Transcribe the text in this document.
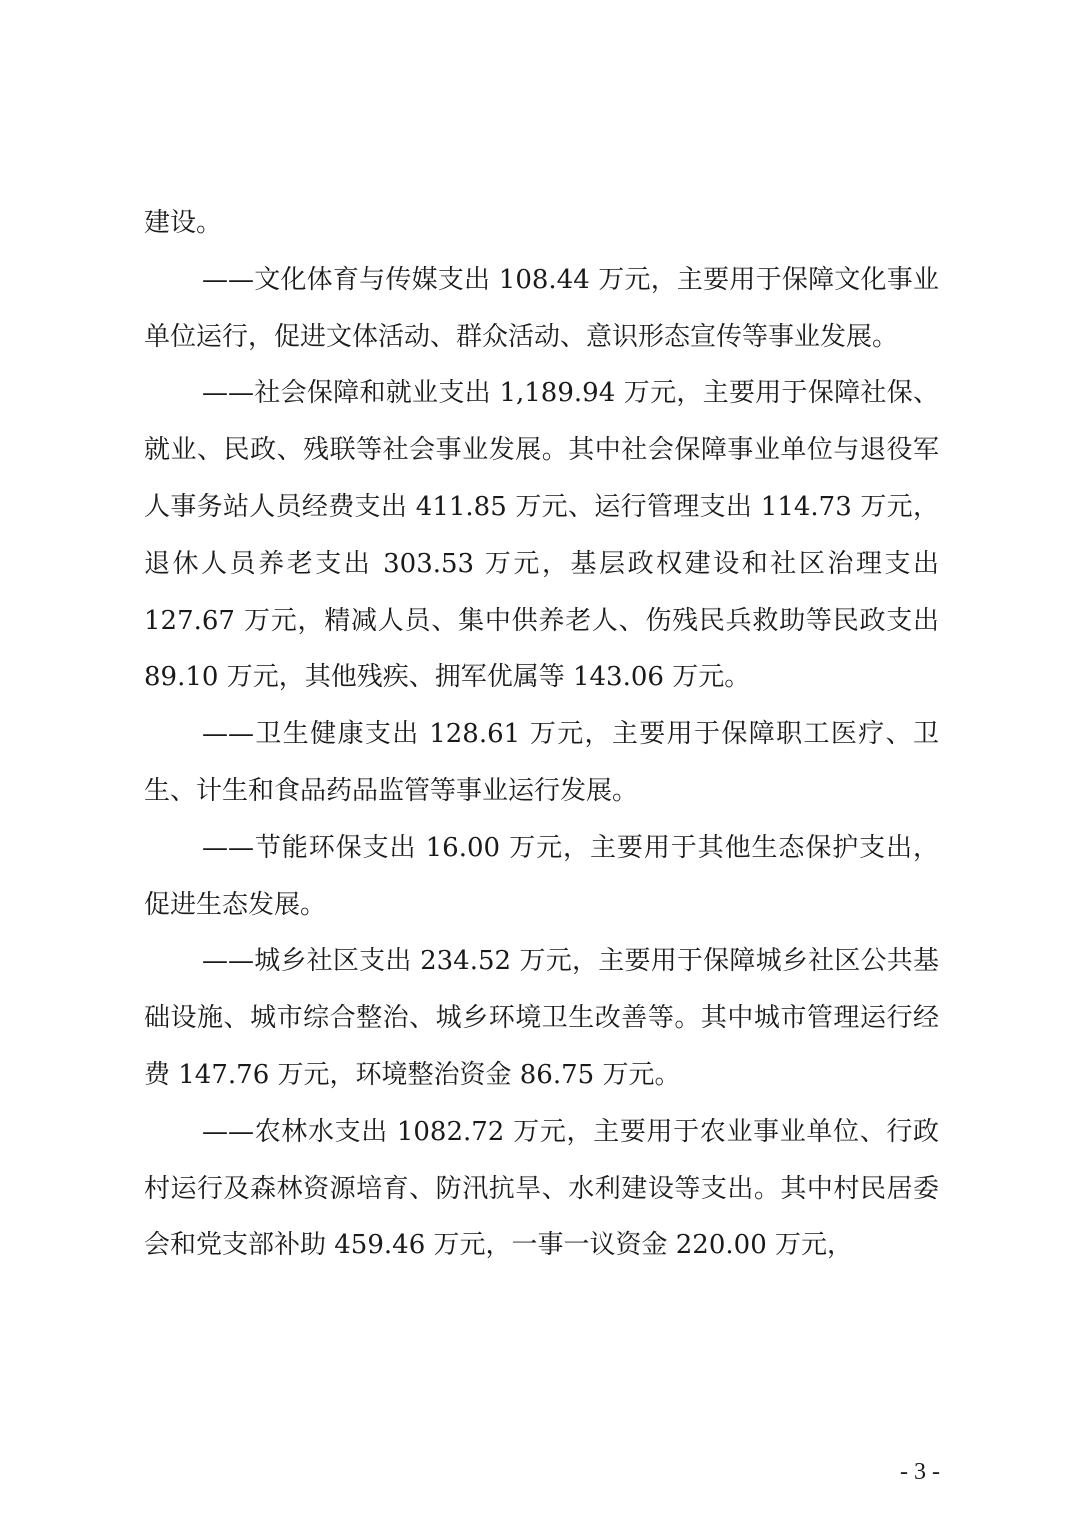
建设。

——文化体育与传媒支出 108.44 万元，主要用于保障文化事业单位运行，促进文体活动、群众活动、意识形态宣传等事业发展。

——社会保障和就业支出 1,189.94 万元，主要用于保障社保、就业、民政、残联等社会事业发展。其中社会保障事业单位与退役军人事务站人员经费支出 411.85 万元、运行管理支出 114.73 万元，退休人员养老支出 303.53 万元，基层政权建设和社区治理支出 127.67 万元，精减人员、集中供养老人、伤残民兵救助等民政支出 89.10 万元，其他残疾、拥军优属等 143.06 万元。

——卫生健康支出 128.61 万元，主要用于保障职工医疗、卫生、计生和食品药品监管等事业运行发展。

——节能环保支出 16.00 万元，主要用于其他生态保护支出，促进生态发展。

——城乡社区支出 234.52 万元，主要用于保障城乡社区公共基础设施、城市综合整治、城乡环境卫生改善等。其中城市管理运行经费 147.76 万元，环境整治资金 86.75 万元。

——农林水支出 1082.72 万元，主要用于农业事业单位、行政村运行及森林资源培育、防汛抗旱、水利建设等支出。其中村民居委会和党支部补助 459.46 万元，一事一议资金 220.00 万元，

- 3 -
